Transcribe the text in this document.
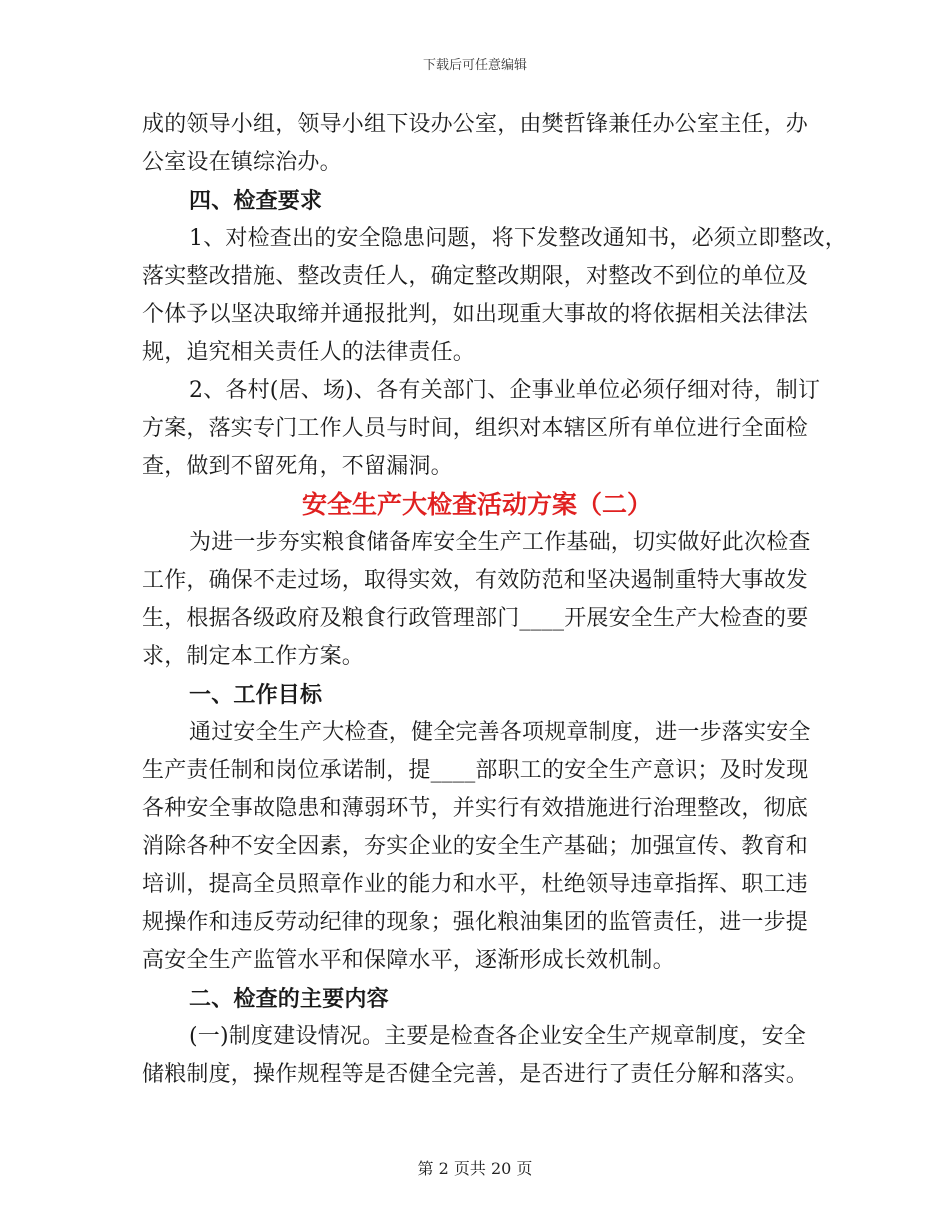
下载后可任意编辑
成的领导小组，领导小组下设办公室，由樊哲锋兼任办公室主任，办
公室设在镇综治办。
四、检查要求
1、对检查出的安全隐患问题，将下发整改通知书，必须立即整改，
落实整改措施、整改责任人，确定整改期限，对整改不到位的单位及
个体予以坚决取缔并通报批判，如出现重大事故的将依据相关法律法
规，追究相关责任人的法律责任。
2、各村(居、场)、各有关部门、企事业单位必须仔细对待，制订
方案，落实专门工作人员与时间，组织对本辖区所有单位进行全面检
查，做到不留死角，不留漏洞。
安全生产大检查活动方案（二）
为进一步夯实粮食储备库安全生产工作基础，切实做好此次检查
工作，确保不走过场，取得实效，有效防范和坚决遏制重特大事故发
生，根据各级政府及粮食行政管理部门____开展安全生产大检查的要
求，制定本工作方案。
一、工作目标
通过安全生产大检查，健全完善各项规章制度，进一步落实安全
生产责任制和岗位承诺制，提____部职工的安全生产意识；及时发现
各种安全事故隐患和薄弱环节，并实行有效措施进行治理整改，彻底
消除各种不安全因素，夯实企业的安全生产基础；加强宣传、教育和
培训，提高全员照章作业的能力和水平，杜绝领导违章指挥、职工违
规操作和违反劳动纪律的现象；强化粮油集团的监管责任，进一步提
高安全生产监管水平和保障水平，逐渐形成长效机制。
二、检查的主要内容
(一)制度建设情况。主要是检查各企业安全生产规章制度，安全
储粮制度，操作规程等是否健全完善，是否进行了责任分解和落实。
第 2 页共 20 页
